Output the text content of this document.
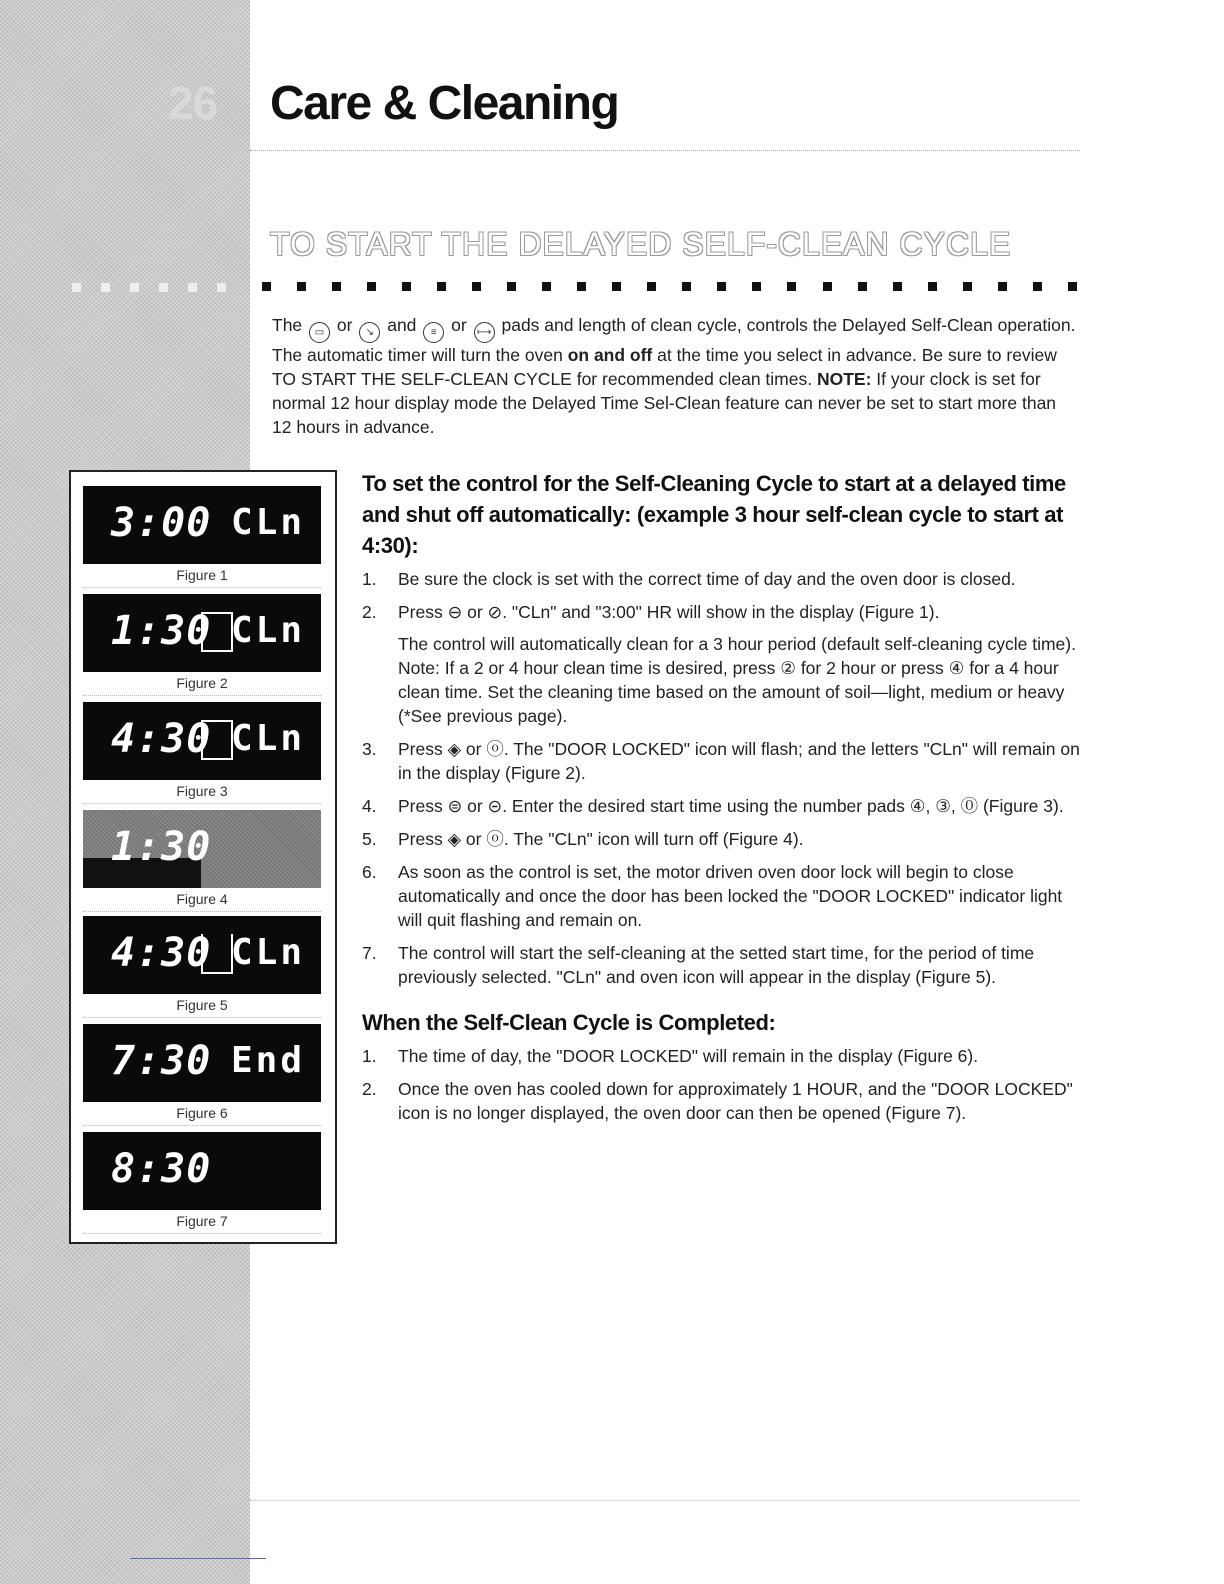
26	Care & Cleaning
TO START THE DELAYED SELF-CLEAN CYCLE
The ▭ or ↘ and ≡ or ⟼ pads and length of clean cycle, controls the Delayed Self-Clean operation. The automatic timer will turn the oven on and off at the time you select in advance. Be sure to review TO START THE SELF-CLEAN CYCLE for recommended clean times. NOTE: If your clock is set for normal 12 hour display mode the Delayed Time Sel-Clean feature can never be set to start more than 12 hours in advance.
3:00 CLn
Figure 1
1:30 CLn
Figure 2
4:30 CLn
Figure 3
1:30
Figure 4
4:30 CLn
Figure 5
7:30 End
Figure 6
8:30
Figure 7
To set the control for the Self-Cleaning Cycle to start at a delayed time and shut off automatically: (example 3 hour self-clean cycle to start at 4:30):
1. Be sure the clock is set with the correct time of day and the oven door is closed.

2. Press ⊖ or ⊘. "CLn" and "3:00" HR will show in the display (Figure 1).

The control will automatically clean for a 3 hour period (default self-cleaning cycle time). Note: If a 2 or 4 hour clean time is desired, press ② for 2 hour or press ④ for a 4 hour clean time. Set the cleaning time based on the amount of soil—light, medium or heavy (*See previous page).

3. Press ◈ or ⓞ. The "DOOR LOCKED" icon will flash; and the letters "CLn" will remain on in the display (Figure 2).

4. Press ⊜ or ⊝. Enter the desired start time using the number pads ④, ③, ⓪ (Figure 3).

5. Press ◈ or ⓞ. The "CLn" icon will turn off (Figure 4).

6. As soon as the control is set, the motor driven oven door lock will begin to close automatically and once the door has been locked the "DOOR LOCKED" indicator light will quit flashing and remain on.

7. The control will start the self-cleaning at the setted start time, for the period of time previously selected. "CLn" and oven icon will appear in the display (Figure 5).

When the Self-Clean Cycle is Completed:
1. The time of day, the "DOOR LOCKED" will remain in the display (Figure 6).

2. Once the oven has cooled down for approximately 1 HOUR, and the "DOOR LOCKED" icon is no longer displayed, the oven door can then be opened (Figure 7).
